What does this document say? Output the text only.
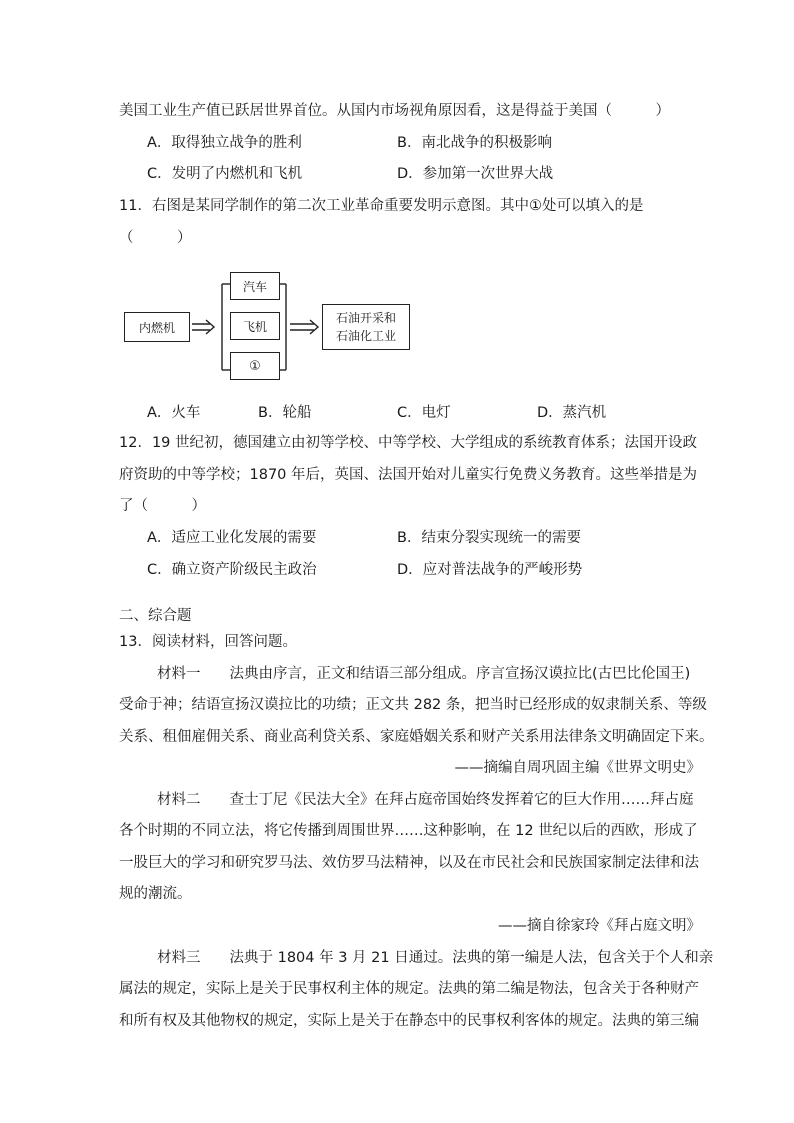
美国工业生产值已跃居世界首位。从国内市场视角原因看，这是得益于美国（　　　）
A．取得独立战争的胜利	B．南北战争的积极影响
C．发明了内燃机和飞机	D．参加第一次世界大战
11．右图是某同学制作的第二次工业革命重要发明示意图。其中①处可以填入的是
（　　　）
内燃机
汽车
飞机
①
石油开采和
石油化工业
A．火车	B．轮船	C．电灯	D．蒸汽机
12．19 世纪初，德国建立由初等学校、中等学校、大学组成的系统教育体系；法国开设政
府资助的中等学校；1870 年后，英国、法国开始对儿童实行免费义务教育。这些举措是为
了（　　　）
A．适应工业化发展的需要	B．结束分裂实现统一的需要
C．确立资产阶级民主政治	D．应对普法战争的严峻形势
二、综合题
13．阅读材料，回答问题。
材料一　　法典由序言，正文和结语三部分组成。序言宣扬汉谟拉比(古巴比伦国王)
受命于神；结语宣扬汉谟拉比的功绩；正文共 282 条，把当时已经形成的奴隶制关系、等级
关系、租佃雇佣关系、商业高利贷关系、家庭婚姻关系和财产关系用法律条文明确固定下来。
——摘编自周巩固主编《世界文明史》
材料二　　查士丁尼《民法大全》在拜占庭帝国始终发挥着它的巨大作用……拜占庭
各个时期的不同立法，将它传播到周围世界……这种影响，在 12 世纪以后的西欧，形成了
一股巨大的学习和研究罗马法、效仿罗马法精神，以及在市民社会和民族国家制定法律和法
规的潮流。
——摘自徐家玲《拜占庭文明》
材料三　　法典于 1804 年 3 月 21 日通过。法典的第一编是人法，包含关于个人和亲
属法的规定，实际上是关于民事权利主体的规定。法典的第二编是物法，包含关于各种财产
和所有权及其他物权的规定，实际上是关于在静态中的民事权利客体的规定。法典的第三编
